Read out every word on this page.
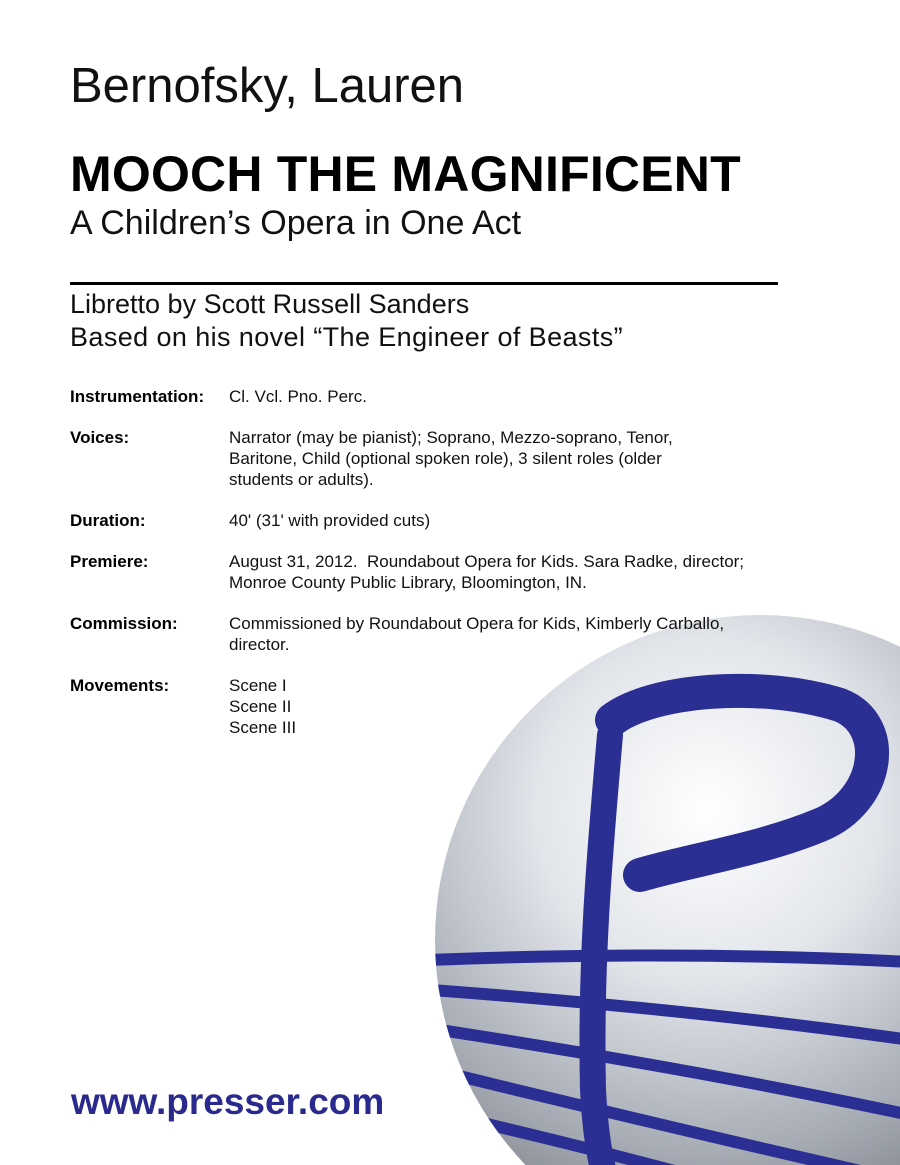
Bernofsky, Lauren
MOOCH THE MAGNIFICENT
A Children’s Opera in One Act
Libretto by Scott Russell Sanders
Based on his novel “The Engineer of Beasts”
Instrumentation:	Cl. Vcl. Pno. Perc.
Voices:	Narrator (may be pianist); Soprano, Mezzo-soprano, Tenor,
Baritone, Child (optional spoken role), 3 silent roles (older
students or adults).
Duration:	40' (31' with provided cuts)
Premiere:	August 31, 2012.  Roundabout Opera for Kids. Sara Radke, director;
Monroe County Public Library, Bloomington, IN.
Commission:	Commissioned by Roundabout Opera for Kids, Kimberly Carballo,
director.
Movements:	Scene I
Scene II
Scene III
www.presser.com
